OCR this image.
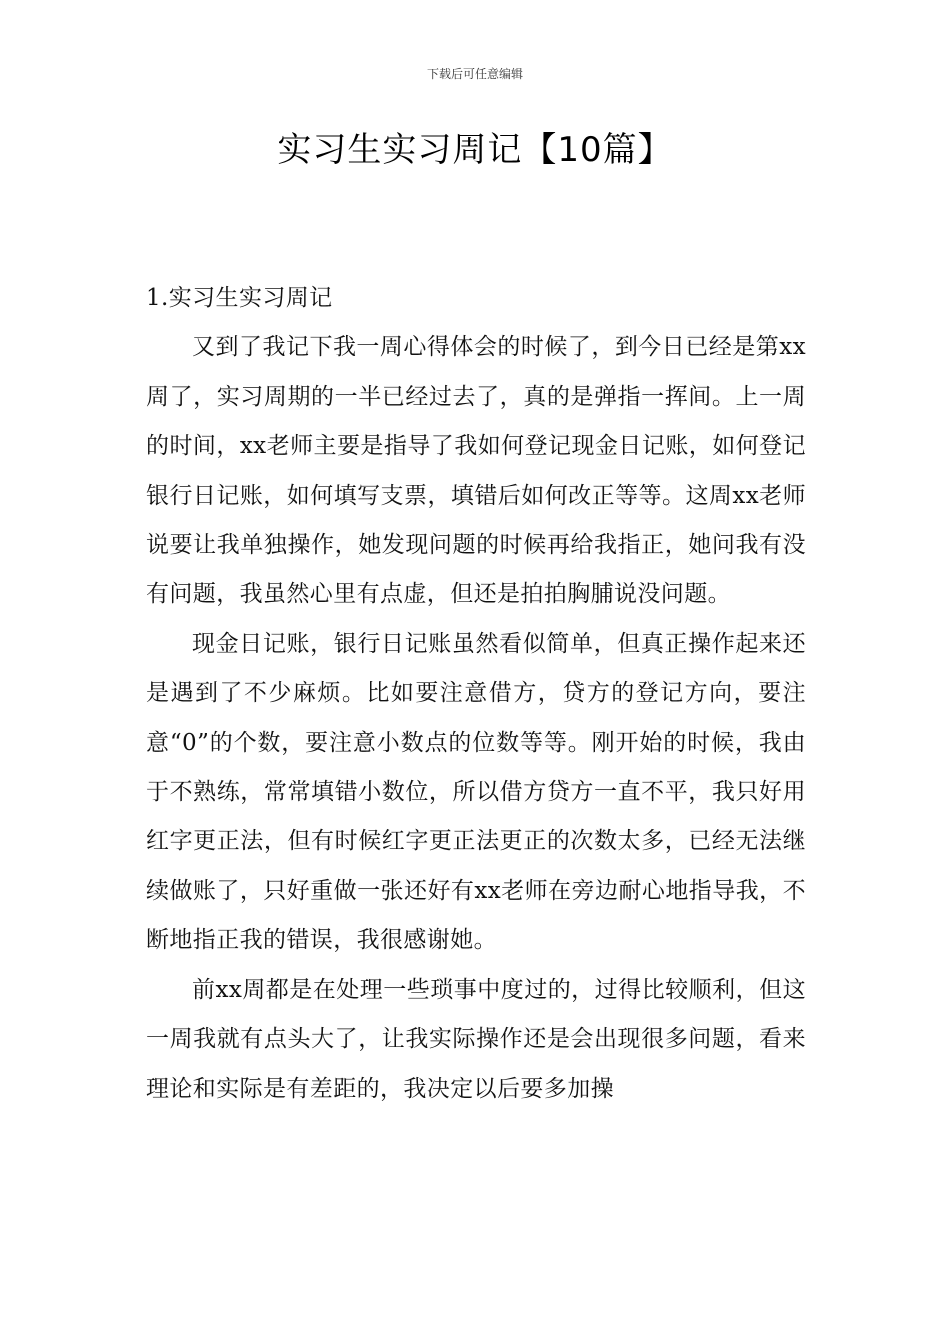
下载后可任意编辑
实习生实习周记【10篇】
1.实习生实习周记

又到了我记下我一周心得体会的时候了，到今日已经是第xx周了，实习周期的一半已经过去了，真的是弹指一挥间。上一周的时间，xx老师主要是指导了我如何登记现金日记账，如何登记银行日记账，如何填写支票，填错后如何改正等等。这周xx老师说要让我单独操作，她发现问题的时候再给我指正，她问我有没有问题，我虽然心里有点虚，但还是拍拍胸脯说没问题。

现金日记账，银行日记账虽然看似简单，但真正操作起来还是遇到了不少麻烦。比如要注意借方，贷方的登记方向，要注意“0”的个数，要注意小数点的位数等等。刚开始的时候，我由于不熟练，常常填错小数位，所以借方贷方一直不平，我只好用红字更正法，但有时候红字更正法更正的次数太多，已经无法继续做账了，只好重做一张还好有xx老师在旁边耐心地指导我，不断地指正我的错误，我很感谢她。

前xx周都是在处理一些琐事中度过的，过得比较顺利，但这一周我就有点头大了，让我实际操作还是会出现很多问题，看来理论和实际是有差距的，我决定以后要多加操
